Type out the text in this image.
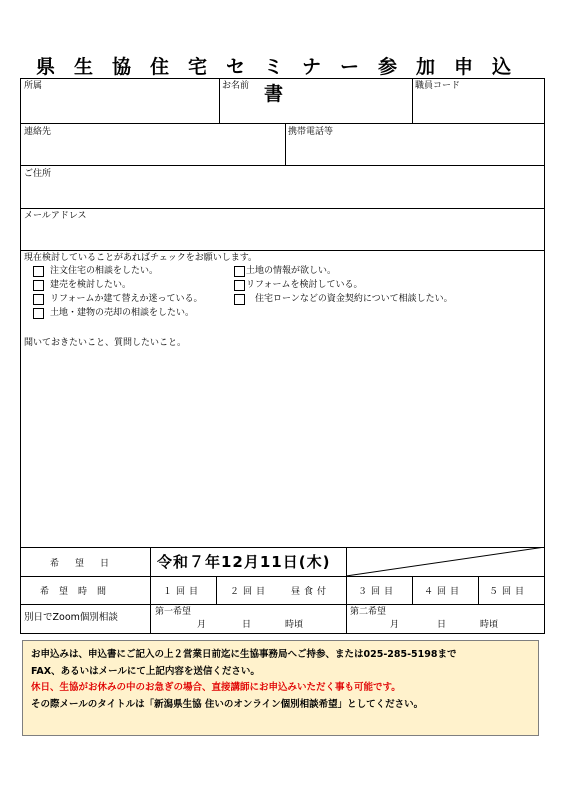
県生協住宅セミナー参加申込書
所属	お名前	職員コード
連絡先	携帯電話等
ご住所
メールアドレス
現在検討していることがあればチェックをお願いします。
注文住宅の相談をしたい。	土地の情報が欲しい。
建売を検討したい。	リフォームを検討している。
リフォームか建て替えか迷っている。	住宅ローンなどの資金契約について相談したい。
土地・建物の売却の相談をしたい。
聞いておきたいこと、質問したいこと。
希望日 令和７年12月11日(木)
希望時間	１回目	２回目 昼食付	３回目	４回目	５回目
別日でZoom個別相談	第一希望
月	日	時頃
第二希望
月	日	時頃
お申込みは、申込書にご記入の上２営業日前迄に生協事務局へご持参、または025-285-5198まで
FAX、あるいはメールにて上記内容を送信ください。
休日、生協がお休みの中のお急ぎの場合、直接講師にお申込みいただく事も可能です。
その際メールのタイトルは「新潟県生協 住いのオンライン個別相談希望」としてください。
